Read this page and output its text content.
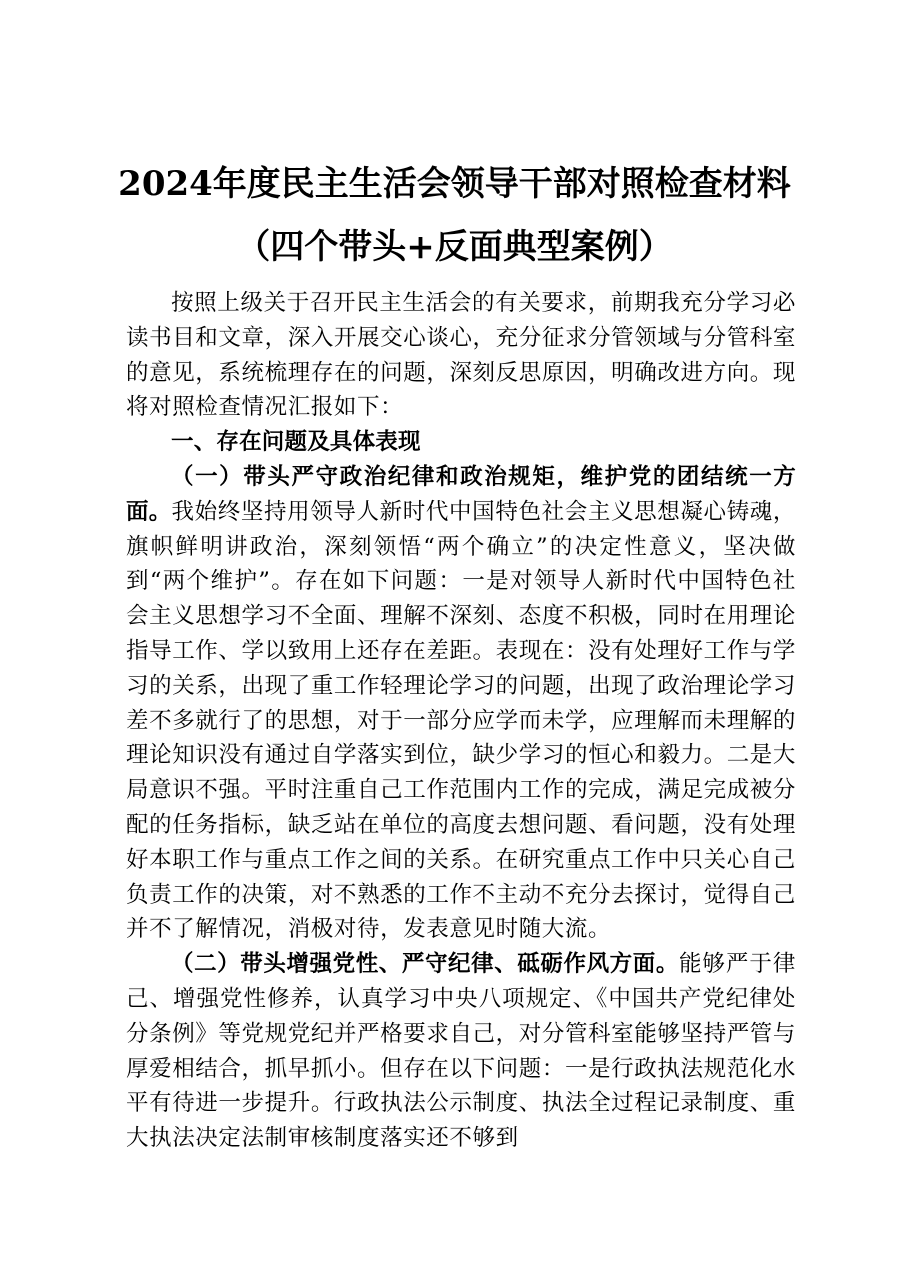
2024年度民主生活会领导干部对照检查材料
（四个带头+反面典型案例）

按照上级关于召开民主生活会的有关要求，前期我充分学习必读书目和文章，深入开展交心谈心，充分征求分管领域与分管科室的意见，系统梳理存在的问题，深刻反思原因，明确改进方向。现将对照检查情况汇报如下：

一、存在问题及具体表现

（一）带头严守政治纪律和政治规矩，维护党的团结统一方面。我始终坚持用领导人新时代中国特色社会主义思想凝心铸魂，旗帜鲜明讲政治，深刻领悟“两个确立”的决定性意义，坚决做到“两个维护”。存在如下问题：一是对领导人新时代中国特色社会主义思想学习不全面、理解不深刻、态度不积极，同时在用理论指导工作、学以致用上还存在差距。表现在：没有处理好工作与学习的关系，出现了重工作轻理论学习的问题，出现了政治理论学习差不多就行了的思想，对于一部分应学而未学，应理解而未理解的理论知识没有通过自学落实到位，缺少学习的恒心和毅力。二是大局意识不强。平时注重自己工作范围内工作的完成，满足完成被分配的任务指标，缺乏站在单位的高度去想问题、看问题，没有处理好本职工作与重点工作之间的关系。在研究重点工作中只关心自己负责工作的决策，对不熟悉的工作不主动不充分去探讨，觉得自己并不了解情况，消极对待，发表意见时随大流。

（二）带头增强党性、严守纪律、砥砺作风方面。能够严于律己、增强党性修养，认真学习中央八项规定、《中国共产党纪律处分条例》等党规党纪并严格要求自己，对分管科室能够坚持严管与厚爱相结合，抓早抓小。但存在以下问题：一是行政执法规范化水平有待进一步提升。行政执法公示制度、执法全过程记录制度、重大执法决定法制审核制度落实还不够到
